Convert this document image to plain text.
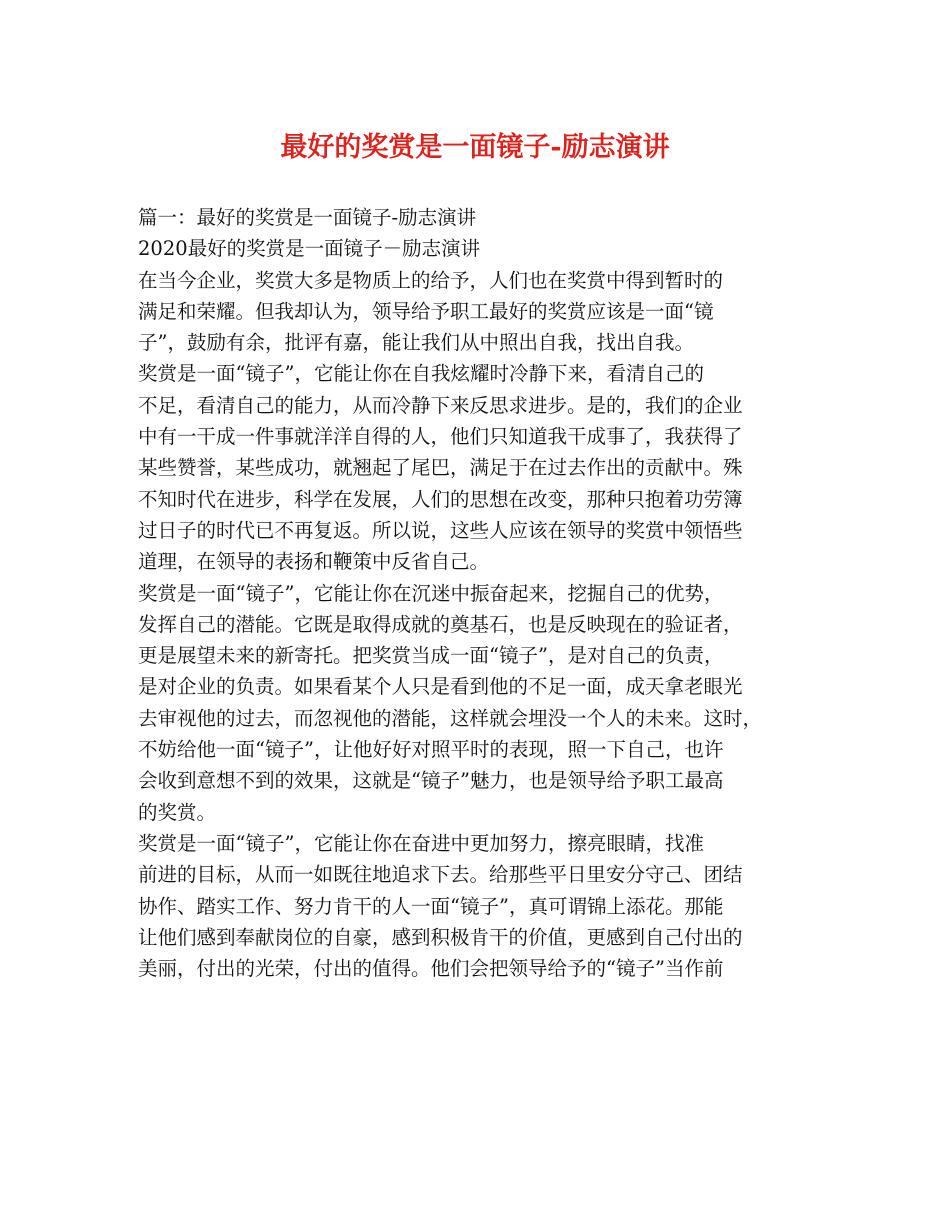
最好的奖赏是一面镜子-励志演讲
篇一：最好的奖赏是一面镜子-励志演讲
2020最好的奖赏是一面镜子－励志演讲
在当今企业，奖赏大多是物质上的给予，人们也在奖赏中得到暂时的
满足和荣耀。但我却认为，领导给予职工最好的奖赏应该是一面“镜
子”，鼓励有余，批评有嘉，能让我们从中照出自我，找出自我。
奖赏是一面“镜子”，它能让你在自我炫耀时冷静下来，看清自己的
不足，看清自己的能力，从而冷静下来反思求进步。是的，我们的企业
中有一干成一件事就洋洋自得的人，他们只知道我干成事了，我获得了
某些赞誉，某些成功，就翘起了尾巴，满足于在过去作出的贡献中。殊
不知时代在进步，科学在发展，人们的思想在改变，那种只抱着功劳簿
过日子的时代已不再复返。所以说，这些人应该在领导的奖赏中领悟些
道理，在领导的表扬和鞭策中反省自己。
奖赏是一面“镜子”，它能让你在沉迷中振奋起来，挖掘自己的优势，
发挥自己的潜能。它既是取得成就的奠基石，也是反映现在的验证者，
更是展望未来的新寄托。把奖赏当成一面“镜子”，是对自己的负责，
是对企业的负责。如果看某个人只是看到他的不足一面，成天拿老眼光
去审视他的过去，而忽视他的潜能，这样就会埋没一个人的未来。这时，
不妨给他一面“镜子”，让他好好对照平时的表现，照一下自己，也许
会收到意想不到的效果，这就是“镜子”魅力，也是领导给予职工最高
的奖赏。
奖赏是一面“镜子”，它能让你在奋进中更加努力，擦亮眼睛，找准
前进的目标，从而一如既往地追求下去。给那些平日里安分守己、团结
协作、踏实工作、努力肯干的人一面“镜子”，真可谓锦上添花。那能
让他们感到奉献岗位的自豪，感到积极肯干的价值，更感到自己付出的
美丽，付出的光荣，付出的值得。他们会把领导给予的“镜子”当作前
